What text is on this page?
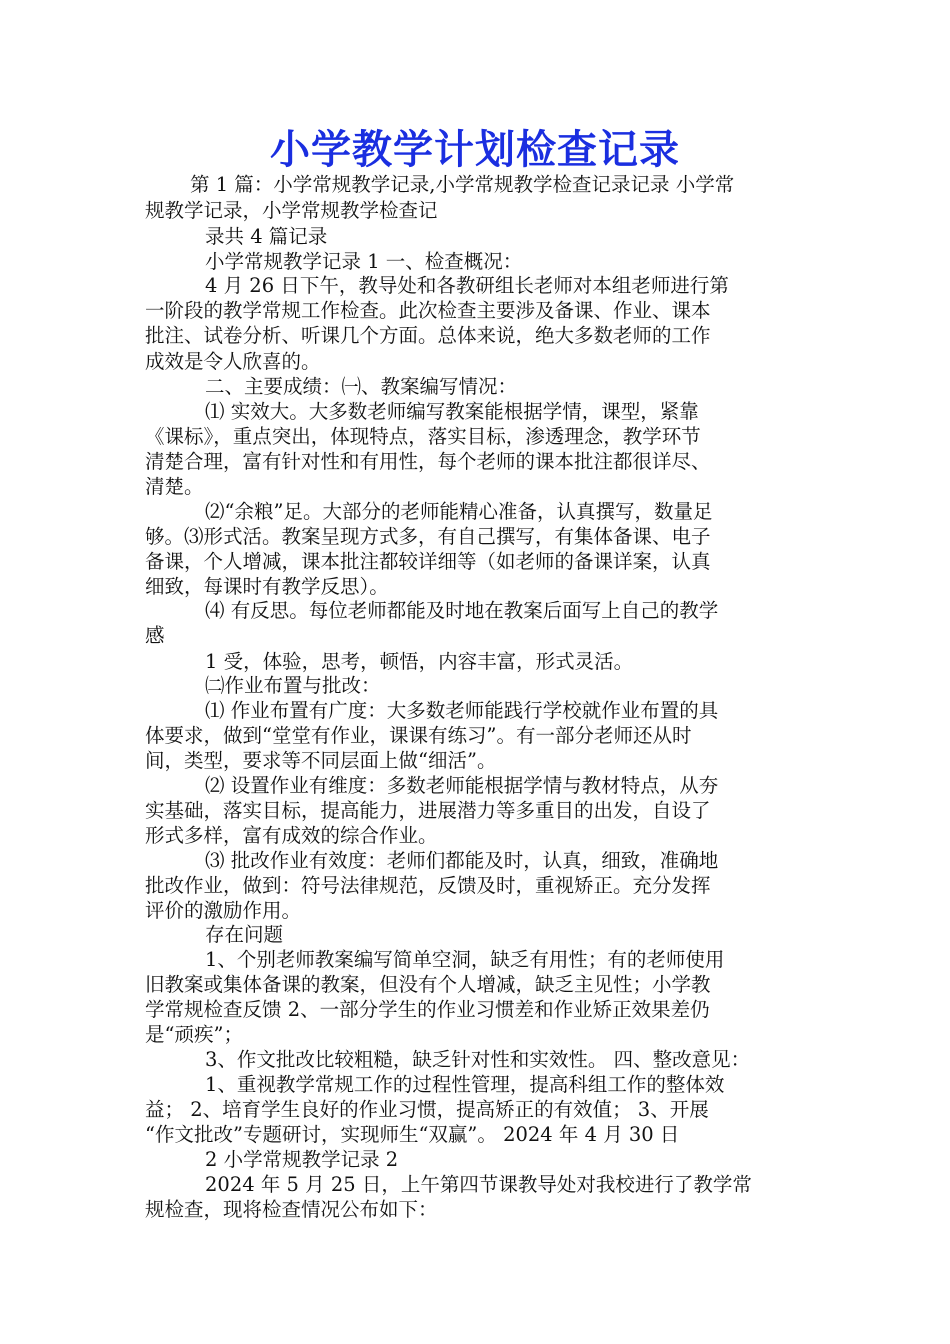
小学教学计划检查记录
第 1 篇：小学常规教学记录,小学常规教学检查记录记录 小学常
规教学记录，小学常规教学检查记
录共 4 篇记录
小学常规教学记录 1 一、检查概况：
4 月 26 日下午，教导处和各教研组长老师对本组老师进行第
一阶段的教学常规工作检查。此次检查主要涉及备课、作业、课本
批注、试卷分析、听课几个方面。总体来说，绝大多数老师的工作
成效是令人欣喜的。
二、主要成绩：㈠、教案编写情况：
⑴ 实效大。大多数老师编写教案能根据学情，课型，紧靠
《课标》，重点突出，体现特点，落实目标，渗透理念，教学环节
清楚合理，富有针对性和有用性，每个老师的课本批注都很详尽、
清楚。
⑵“余粮”足。大部分的老师能精心准备，认真撰写，数量足
够。⑶形式活。教案呈现方式多，有自己撰写，有集体备课、电子
备课，个人增减，课本批注都较详细等（如老师的备课详案，认真
细致，每课时有教学反思）。
⑷ 有反思。每位老师都能及时地在教案后面写上自己的教学
感
1 受，体验，思考，顿悟，内容丰富，形式灵活。
㈡作业布置与批改：
⑴ 作业布置有广度：大多数老师能践行学校就作业布置的具
体要求，做到“堂堂有作业，课课有练习”。有一部分老师还从时
间，类型，要求等不同层面上做“细活”。
⑵ 设置作业有维度：多数老师能根据学情与教材特点，从夯
实基础，落实目标，提高能力，进展潜力等多重目的出发，自设了
形式多样，富有成效的综合作业。
⑶ 批改作业有效度：老师们都能及时，认真，细致，准确地
批改作业，做到：符号法律规范，反馈及时，重视矫正。充分发挥
评价的激励作用。
存在问题
1、个别老师教案编写简单空洞，缺乏有用性；有的老师使用
旧教案或集体备课的教案，但没有个人增减，缺乏主见性；小学教
学常规检查反馈 2、一部分学生的作业习惯差和作业矫正效果差仍
是“顽疾”；
3、作文批改比较粗糙，缺乏针对性和实效性。 四、整改意见：
1、重视教学常规工作的过程性管理，提高科组工作的整体效
益； 2、培育学生良好的作业习惯，提高矫正的有效值； 3、开展
“作文批改”专题研讨，实现师生“双赢”。 2024 年 4 月 30 日
2 小学常规教学记录 2
2024 年 5 月 25 日，上午第四节课教导处对我校进行了教学常
规检查，现将检查情况公布如下：
